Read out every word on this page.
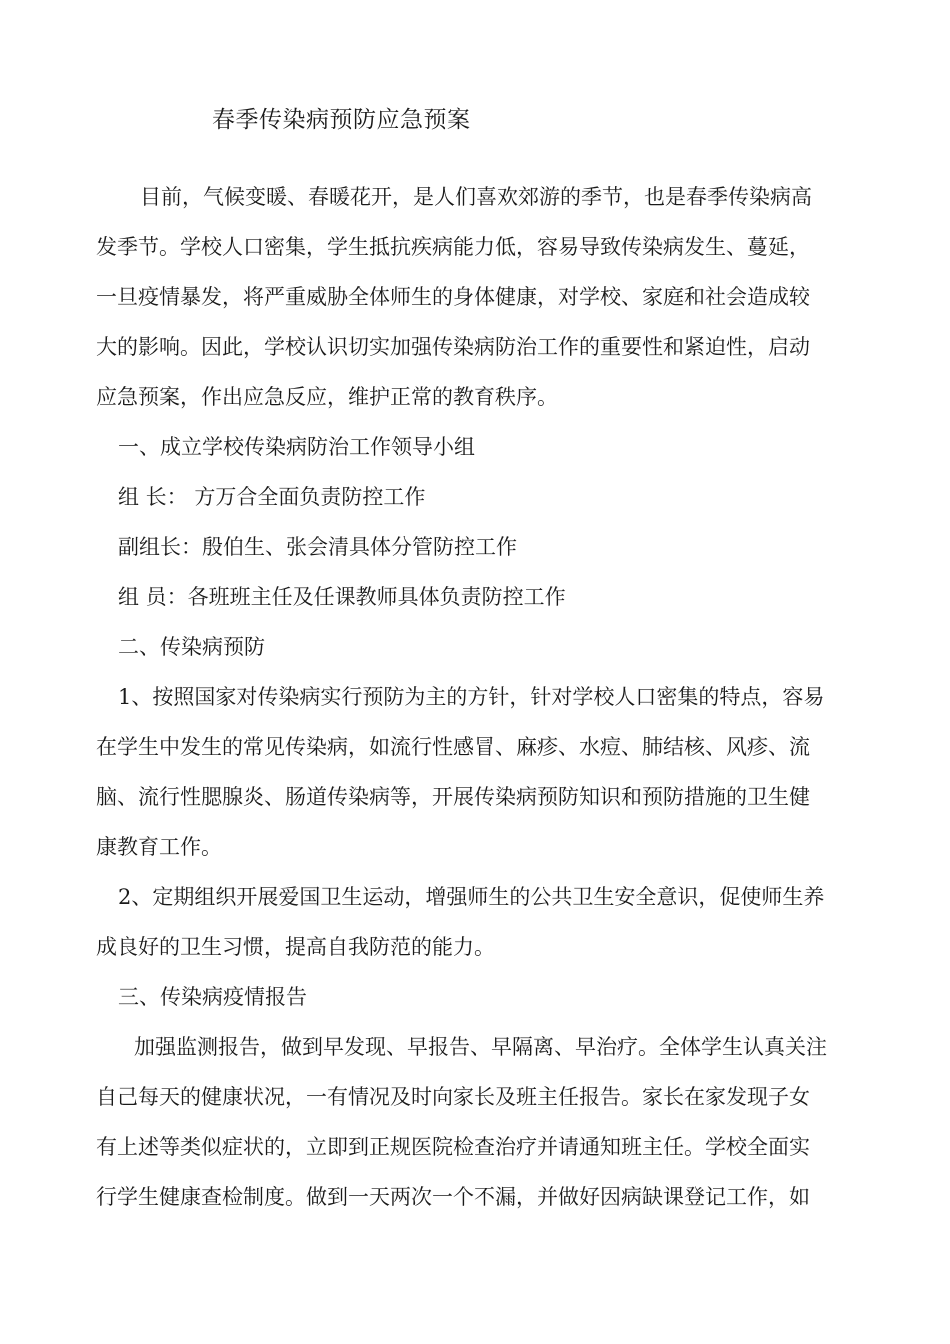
春季传染病预防应急预案
目前，气候变暖、春暖花开，是人们喜欢郊游的季节，也是春季传染病高
发季节。学校人口密集，学生抵抗疾病能力低，容易导致传染病发生、蔓延，
一旦疫情暴发，将严重威胁全体师生的身体健康，对学校、家庭和社会造成较
大的影响。因此，学校认识切实加强传染病防治工作的重要性和紧迫性，启动
应急预案，作出应急反应，维护正常的教育秩序。
一、成立学校传染病防治工作领导小组
组 长： 方万合全面负责防控工作
副组长：殷伯生、张会清具体分管防控工作
组 员：各班班主任及任课教师具体负责防控工作
二、传染病预防
1、按照国家对传染病实行预防为主的方针，针对学校人口密集的特点，容易
在学生中发生的常见传染病，如流行性感冒、麻疹、水痘、肺结核、风疹、流
脑、流行性腮腺炎、肠道传染病等，开展传染病预防知识和预防措施的卫生健
康教育工作。
2、定期组织开展爱国卫生运动，增强师生的公共卫生安全意识，促使师生养
成良好的卫生习惯，提高自我防范的能力。
三、传染病疫情报告
加强监测报告，做到早发现、早报告、早隔离、早治疗。全体学生认真关注
自己每天的健康状况，一有情况及时向家长及班主任报告。家长在家发现子女
有上述等类似症状的，立即到正规医院检查治疗并请通知班主任。学校全面实
行学生健康查检制度。做到一天两次一个不漏，并做好因病缺课登记工作，如
